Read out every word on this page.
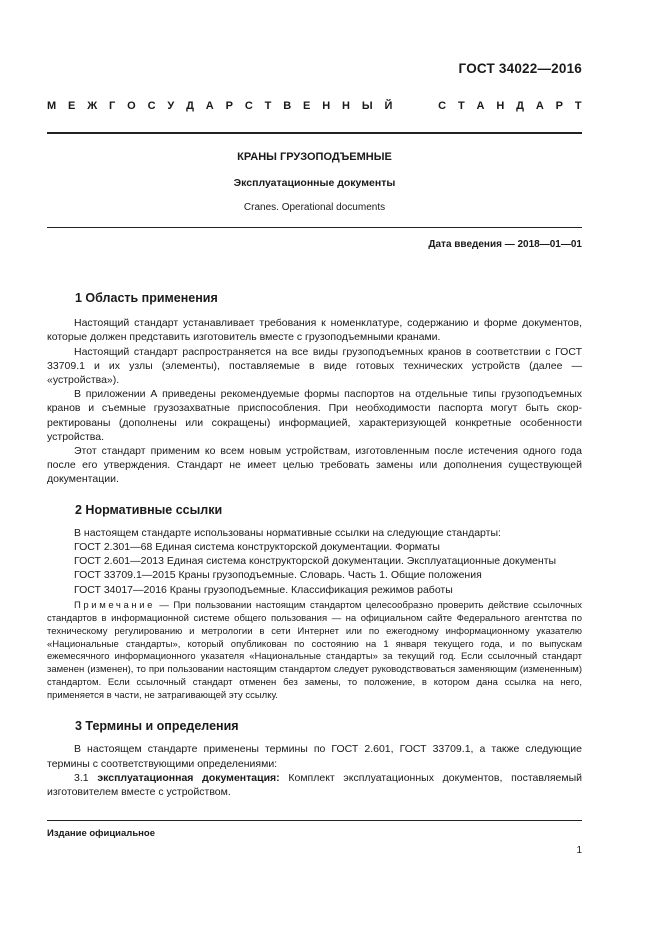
ГОСТ 34022—2016
М Е Ж Г О С У Д А Р С Т В Е Н Н Ы Й
	С Т А Н Д А Р Т
КРАНЫ ГРУЗОПОДЪЕМНЫЕ
Эксплуатационные документы
Cranes. Operational documents
Дата введения — 2018—01—01
1 Область применения

Настоящий стандарт устанавливает требования к номенклатуре, содержанию и форме документов, которые должен представить изготовитель вместе с грузоподъемными кранами.

Настоящий стандарт распространяется на все виды грузоподъемных кранов в соответствии с ГОСТ 33709.1 и их узлы (элементы), поставляемые в виде готовых технических устройств (далее — «устройства»).

В приложении А приведены рекомендуемые формы паспортов на отдельные типы грузоподъемных кранов и съемные грузозахватные приспособления. При необходимости паспорта могут быть скорректированы (дополнены или сокращены) информацией, характеризующей конкретные особенности устройства.

Этот стандарт применим ко всем новым устройствам, изготовленным после истечения одного года после его утверждения. Стандарт не имеет целью требовать замены или дополнения существующей документации.

2 Нормативные ссылки
В настоящем стандарте использованы нормативные ссылки на следующие стандарты:
ГОСТ 2.301—68 Единая система конструкторской документации. Форматы
ГОСТ 2.601—2013 Единая система конструкторской документации. Эксплуатационные документы
ГОСТ 33709.1—2015 Краны грузоподъемные. Словарь. Часть 1. Общие положения
ГОСТ 34017—2016 Краны грузоподъемные. Классификация режимов работы
Примечание — При пользовании настоящим стандартом целесообразно проверить действие ссылочных стандартов в информационной системе общего пользования — на официальном сайте Федерального агентства по техническому регулированию и метрологии в сети Интернет или по ежегодному информационному указателю «Национальные стандарты», который опубликован по состоянию на 1 января текущего года, и по выпускам ежемесячного информационного указателя «Национальные стандарты» за текущий год. Если ссылочный стандарт заменен (изменен), то при пользовании настоящим стандартом следует руководствоваться заменяющим (измененным) стандартом. Если ссылочный стандарт отменен без замены, то положение, в котором дана ссылка на него, применяется в части, не затрагивающей эту ссылку.
3 Термины и определения

В настоящем стандарте применены термины по ГОСТ 2.601, ГОСТ 33709.1, а также следующие термины с соответствующими определениями:

3.1 эксплуатационная документация: Комплект эксплуатационных документов, поставляемый изготовителем вместе с устройством.

Издание официальное
1
